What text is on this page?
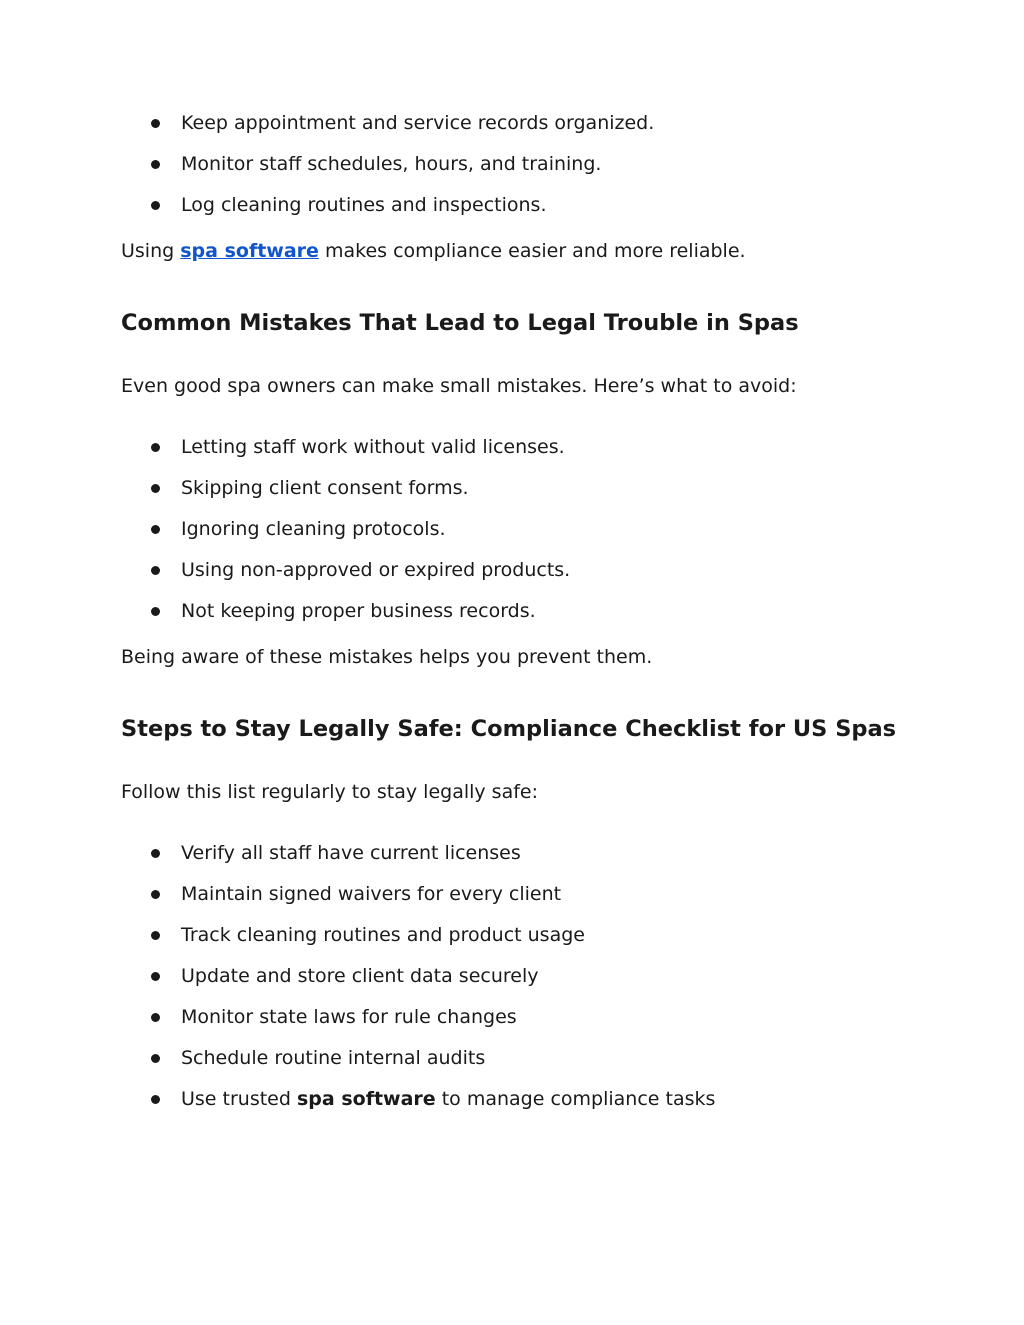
Keep appointment and service records organized.
Monitor staff schedules, hours, and training.
Log cleaning routines and inspections.

Using spa software makes compliance easier and more reliable.

Common Mistakes That Lead to Legal Trouble in Spas

Even good spa owners can make small mistakes. Here’s what to avoid:

Letting staff work without valid licenses.
Skipping client consent forms.
Ignoring cleaning protocols.
Using non-approved or expired products.
Not keeping proper business records.

Being aware of these mistakes helps you prevent them.

Steps to Stay Legally Safe: Compliance Checklist for US Spas

Follow this list regularly to stay legally safe:

Verify all staff have current licenses
Maintain signed waivers for every client
Track cleaning routines and product usage
Update and store client data securely
Monitor state laws for rule changes
Schedule routine internal audits
Use trusted spa software to manage compliance tasks
